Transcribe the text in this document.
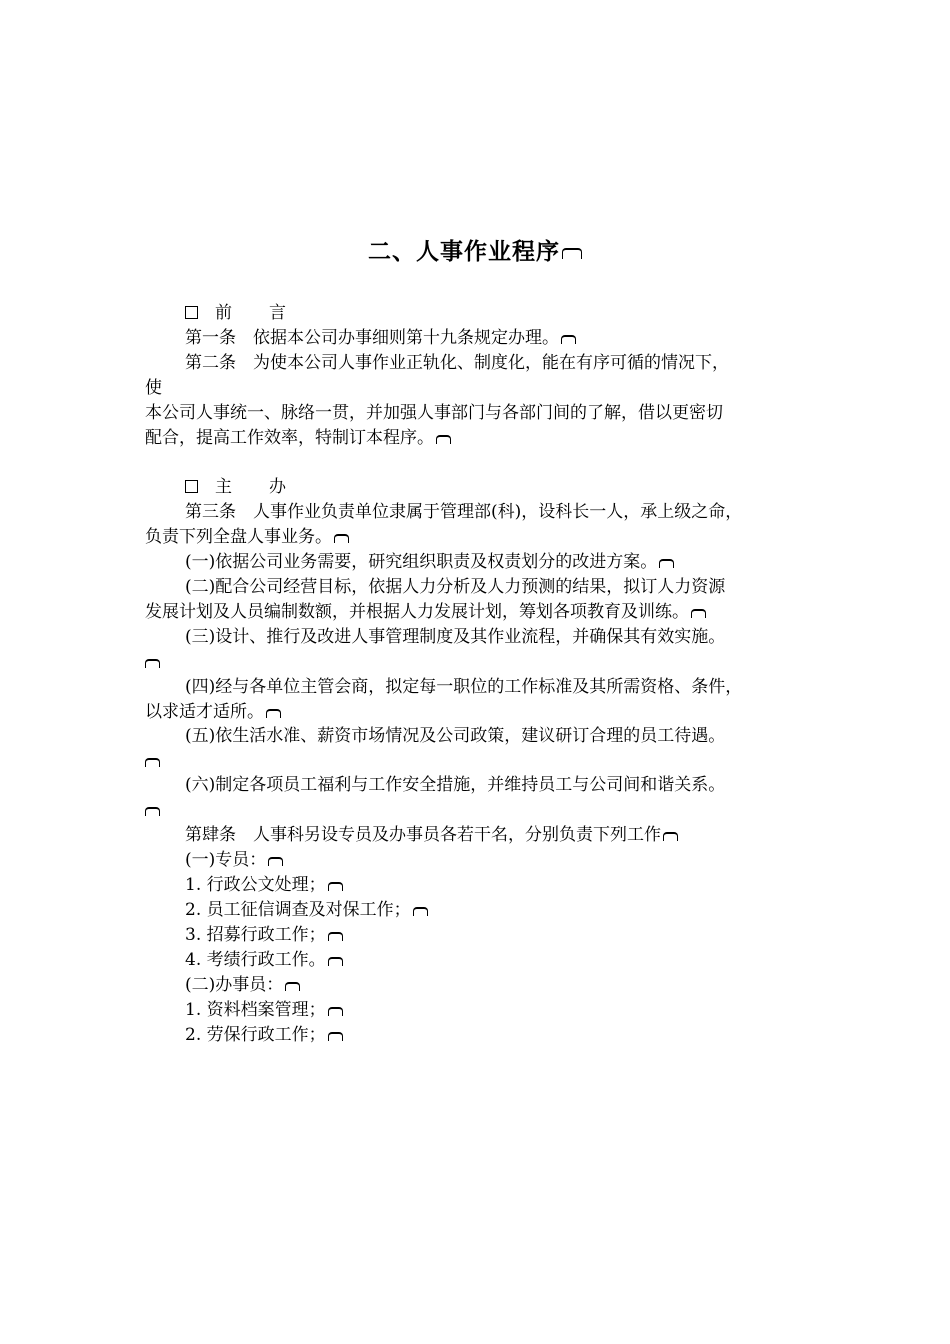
二、人事作业程序
　前　 言
第一条　依据本公司办事细则第十九条规定办理。
第二条　为使本公司人事作业正轨化、制度化，能在有序可循的情况下，
使
本公司人事统一、脉络一贯，并加强人事部门与各部门间的了解，借以更密切
配合，提高工作效率，特制订本程序。
　主　 办
第三条　人事作业负责单位隶属于管理部(科)，设科长一人，承上级之命，
负责下列全盘人事业务。
(一)依据公司业务需要，研究组织职责及权责划分的改进方案。
(二)配合公司经营目标，依据人力分析及人力预测的结果，拟订人力资源
发展计划及人员编制数额，并根据人力发展计划，筹划各项教育及训练。
(三)设计、推行及改进人事管理制度及其作业流程，并确保其有效实施。
(四)经与各单位主管会商，拟定每一职位的工作标准及其所需资格、条件，
以求适才适所。
(五)依生活水准、薪资市场情况及公司政策，建议研订合理的员工待遇。
(六)制定各项员工福利与工作安全措施，并维持员工与公司间和谐关系。
第肆条　人事科另设专员及办事员各若干名，分别负责下列工作
(一)专员：
1. 行政公文处理；
2. 员工征信调查及对保工作；
3. 招募行政工作；
4. 考绩行政工作。
(二)办事员：
1. 资料档案管理；
2. 劳保行政工作；
